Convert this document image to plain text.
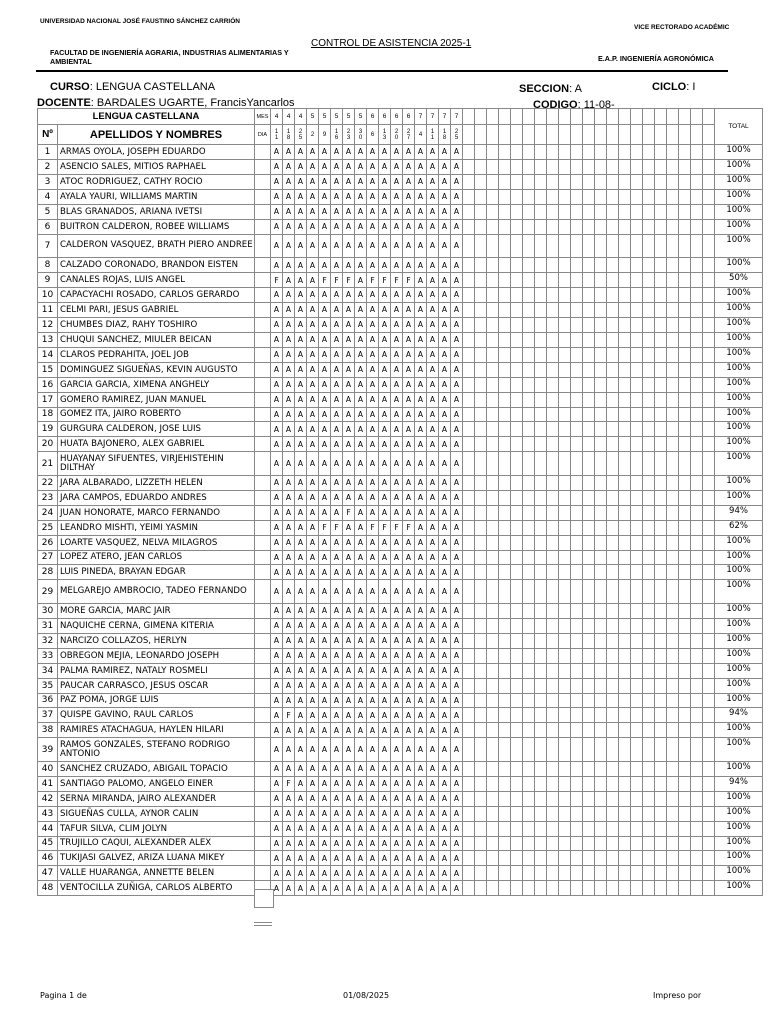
UNIVERSIDAD NACIONAL JOSÉ FAUSTINO SÁNCHEZ CARRIÓN
VICE RECTORADO ACADÉMIC
CONTROL DE ASISTENCIA 2025-1
FACULTAD DE INGENIERÍA AGRARIA, INDUSTRIAS ALIMENTARIAS Y AMBIENTAL	E.A.P. INGENIERÍA AGRONÓMICA
CURSO: LENGUA CASTELLANA	SECCION: A	CICLO: I
DOCENTE: BARDALES UGARTE, FrancisYancarlos	CODIGO: 11-08-
LENGUA CASTELLANA		MES	4	4	4	5	5	5	5	5	6	6	6	6	7	7	7	7																						TOTAL
Nº	APELLIDOS Y NOMBRES	DIA	11	18	25	2	9	16	23	30	6	13	20	27	4	11	18	25																						

1	ARMAS OYOLA, JOSEPH EDUARDO		A	A	A	A	A	A	A	A	A	A	A	A	A	A	A	A																						100%
2	ASENCIO SALES, MITIOS RAPHAEL		A	A	A	A	A	A	A	A	A	A	A	A	A	A	A	A																						100%
3	ATOC RODRIGUEZ, CATHY ROCIO		A	A	A	A	A	A	A	A	A	A	A	A	A	A	A	A																						100%
4	AYALA YAURI, WILLIAMS MARTIN		A	A	A	A	A	A	A	A	A	A	A	A	A	A	A	A																						100%
5	BLAS GRANADOS, ARIANA IVETSI		A	A	A	A	A	A	A	A	A	A	A	A	A	A	A	A																						100%
6	BUITRON CALDERON, ROBEE WILLIAMS		A	A	A	A	A	A	A	A	A	A	A	A	A	A	A	A																						100%
7	CALDERON VASQUEZ, BRATH PIERO ANDREE		A	A	A	A	A	A	A	A	A	A	A	A	A	A	A	A																						100%
8	CALZADO CORONADO, BRANDON EISTEN		A	A	A	A	A	A	A	A	A	A	A	A	A	A	A	A																						100%
9	CANALES ROJAS, LUIS ANGEL		F	A	A	A	F	F	F	A	F	F	F	F	A	A	A	A																						50%
10	CAPACYACHI ROSADO, CARLOS GERARDO		A	A	A	A	A	A	A	A	A	A	A	A	A	A	A	A																						100%
11	CELMI PARI, JESUS GABRIEL		A	A	A	A	A	A	A	A	A	A	A	A	A	A	A	A																						100%
12	CHUMBES DIAZ, RAHY TOSHIRO		A	A	A	A	A	A	A	A	A	A	A	A	A	A	A	A																						100%
13	CHUQUI SANCHEZ, MIULER BEICAN		A	A	A	A	A	A	A	A	A	A	A	A	A	A	A	A																						100%
14	CLAROS PEDRAHITA, JOEL JOB		A	A	A	A	A	A	A	A	A	A	A	A	A	A	A	A																						100%
15	DOMINGUEZ SIGUEÑAS, KEVIN AUGUSTO		A	A	A	A	A	A	A	A	A	A	A	A	A	A	A	A																						100%
16	GARCIA GARCIA, XIMENA ANGHELY		A	A	A	A	A	A	A	A	A	A	A	A	A	A	A	A																						100%
17	GOMERO RAMIREZ, JUAN MANUEL		A	A	A	A	A	A	A	A	A	A	A	A	A	A	A	A																						100%
18	GOMEZ ITA, JAIRO ROBERTO		A	A	A	A	A	A	A	A	A	A	A	A	A	A	A	A																						100%
19	GURGURA CALDERON, JOSE LUIS		A	A	A	A	A	A	A	A	A	A	A	A	A	A	A	A																						100%
20	HUATA BAJONERO, ALEX GABRIEL		A	A	A	A	A	A	A	A	A	A	A	A	A	A	A	A																						100%
21	HUAYANAY SIFUENTES, VIRJEHISTEHIN DILTHAY		A	A	A	A	A	A	A	A	A	A	A	A	A	A	A	A																						100%
22	JARA ALBARADO, LIZZETH HELEN		A	A	A	A	A	A	A	A	A	A	A	A	A	A	A	A																						100%
23	JARA CAMPOS, EDUARDO ANDRES		A	A	A	A	A	A	A	A	A	A	A	A	A	A	A	A																						100%
24	JUAN HONORATE, MARCO FERNANDO		A	A	A	A	A	A	F	A	A	A	A	A	A	A	A	A																						94%
25	LEANDRO MISHTI, YEIMI YASMIN		A	A	A	A	F	F	A	A	F	F	F	F	A	A	A	A																						62%
26	LOARTE VASQUEZ, NELVA MILAGROS		A	A	A	A	A	A	A	A	A	A	A	A	A	A	A	A																						100%
27	LOPEZ ATERO, JEAN CARLOS		A	A	A	A	A	A	A	A	A	A	A	A	A	A	A	A																						100%
28	LUIS PINEDA, BRAYAN EDGAR		A	A	A	A	A	A	A	A	A	A	A	A	A	A	A	A																						100%
29	MELGAREJO AMBROCIO, TADEO FERNANDO		A	A	A	A	A	A	A	A	A	A	A	A	A	A	A	A																						100%
30	MORE GARCIA, MARC JAIR		A	A	A	A	A	A	A	A	A	A	A	A	A	A	A	A																						100%
31	NAQUICHE CERNA, GIMENA KITERIA		A	A	A	A	A	A	A	A	A	A	A	A	A	A	A	A																						100%
32	NARCIZO COLLAZOS, HERLYN		A	A	A	A	A	A	A	A	A	A	A	A	A	A	A	A																						100%
33	OBREGON MEJIA, LEONARDO JOSEPH		A	A	A	A	A	A	A	A	A	A	A	A	A	A	A	A																						100%
34	PALMA RAMIREZ, NATALY ROSMELI		A	A	A	A	A	A	A	A	A	A	A	A	A	A	A	A																						100%
35	PAUCAR CARRASCO, JESUS OSCAR		A	A	A	A	A	A	A	A	A	A	A	A	A	A	A	A																						100%
36	PAZ POMA, JORGE LUIS		A	A	A	A	A	A	A	A	A	A	A	A	A	A	A	A																						100%
37	QUISPE GAVINO, RAUL CARLOS		A	F	A	A	A	A	A	A	A	A	A	A	A	A	A	A																						94%
38	RAMIRES ATACHAGUA, HAYLEN HILARI		A	A	A	A	A	A	A	A	A	A	A	A	A	A	A	A																						100%
39	RAMOS GONZALES, STEFANO RODRIGO ANTONIO		A	A	A	A	A	A	A	A	A	A	A	A	A	A	A	A																						100%
40	SANCHEZ CRUZADO, ABIGAIL TOPACIO		A	A	A	A	A	A	A	A	A	A	A	A	A	A	A	A																						100%
41	SANTIAGO PALOMO, ANGELO EINER		A	F	A	A	A	A	A	A	A	A	A	A	A	A	A	A																						94%
42	SERNA MIRANDA, JAIRO ALEXANDER		A	A	A	A	A	A	A	A	A	A	A	A	A	A	A	A																						100%
43	SIGUEÑAS CULLA, AYNOR CALIN		A	A	A	A	A	A	A	A	A	A	A	A	A	A	A	A																						100%
44	TAFUR SILVA, CLIM JOLYN		A	A	A	A	A	A	A	A	A	A	A	A	A	A	A	A																						100%
45	TRUJILLO CAQUI, ALEXANDER ALEX		A	A	A	A	A	A	A	A	A	A	A	A	A	A	A	A																						100%
46	TUKIJASI GALVEZ, ARIZA LUANA MIKEY		A	A	A	A	A	A	A	A	A	A	A	A	A	A	A	A																						100%
47	VALLE HUARANGA, ANNETTE BELEN		A	A	A	A	A	A	A	A	A	A	A	A	A	A	A	A																						100%
48	VENTOCILLA ZUÑIGA, CARLOS ALBERTO		A	A	A	A	A	A	A	A	A	A	A	A	A	A	A	A																						100%
Pagina 1 de	01/08/2025	Impreso por
